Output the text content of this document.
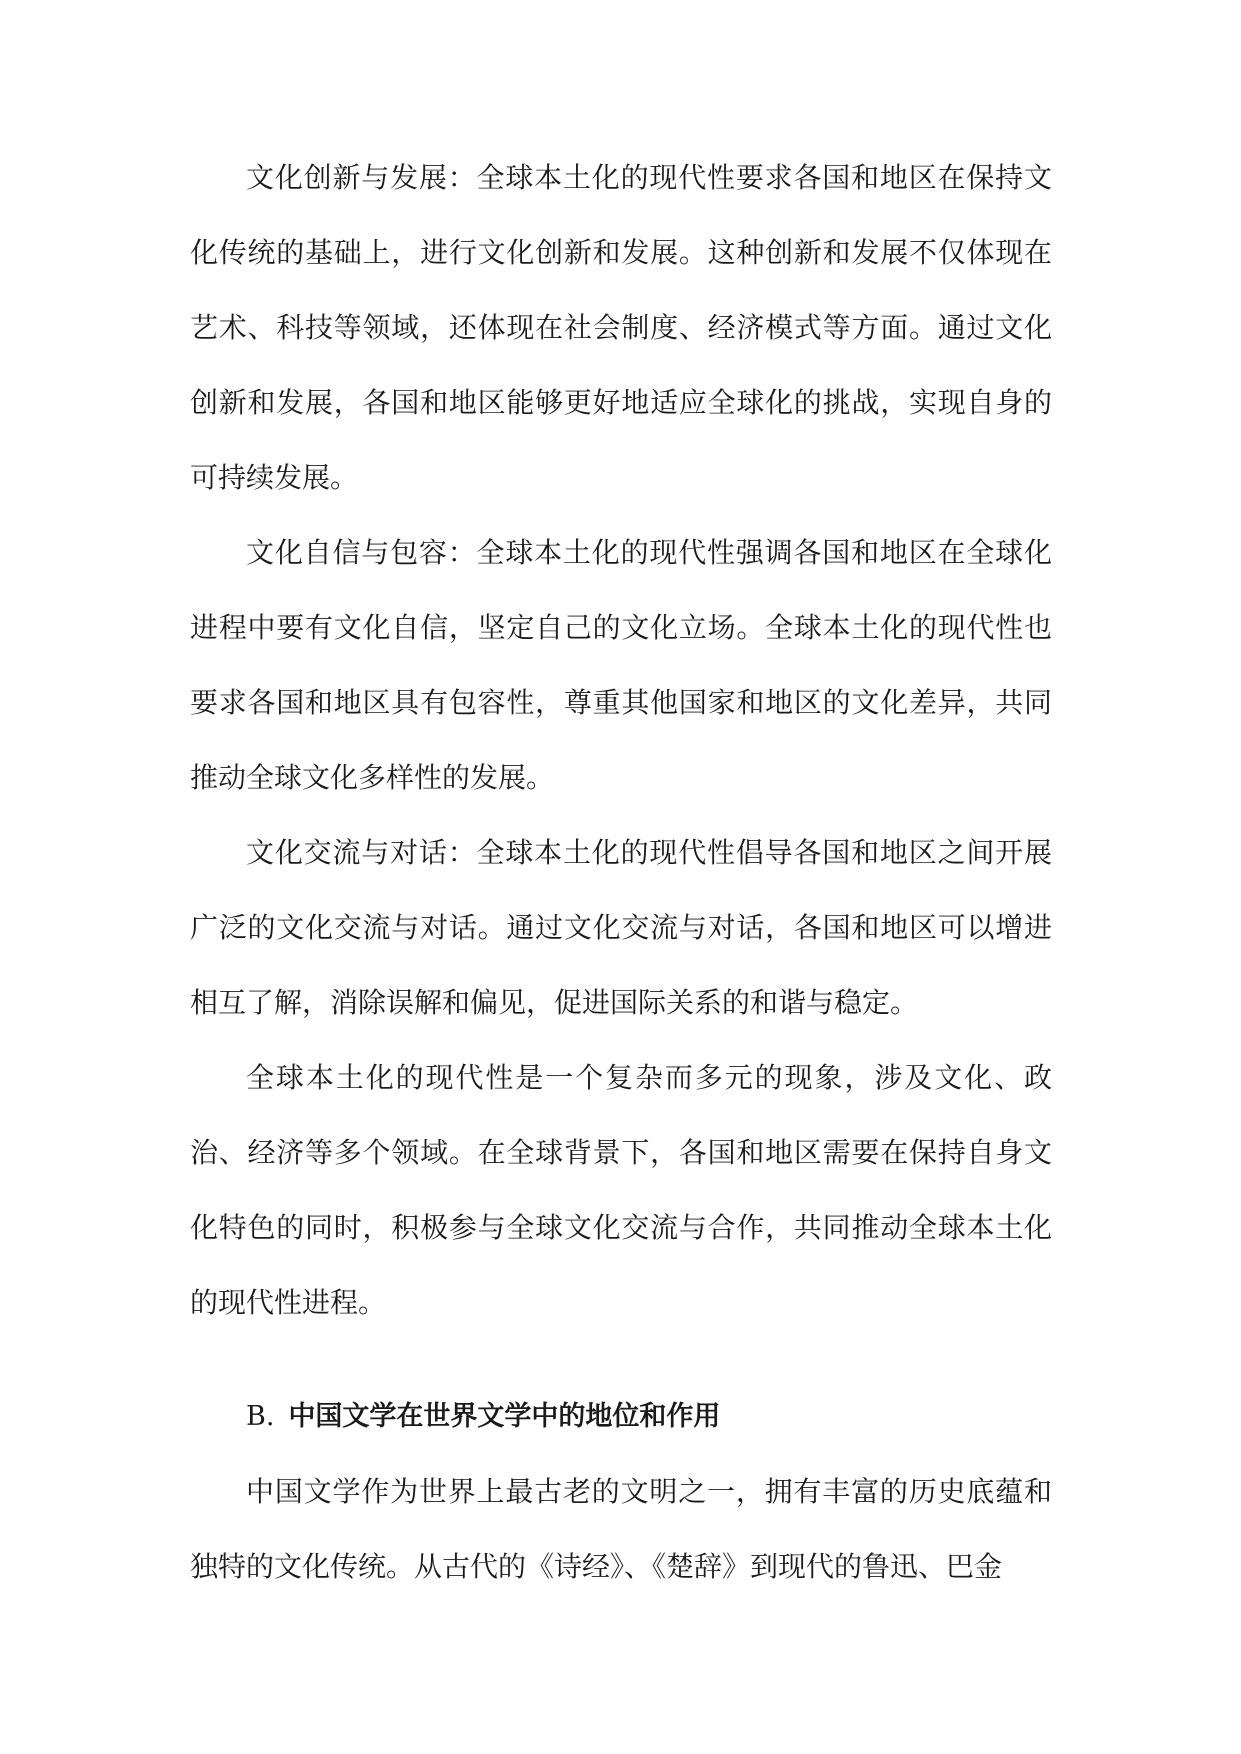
文化创新与发展：全球本土化的现代性要求各国和地区在保持文化传统的基础上，进行文化创新和发展。这种创新和发展不仅体现在艺术、科技等领域，还体现在社会制度、经济模式等方面。通过文化创新和发展，各国和地区能够更好地适应全球化的挑战，实现自身的可持续发展。

文化自信与包容：全球本土化的现代性强调各国和地区在全球化进程中要有文化自信，坚定自己的文化立场。全球本土化的现代性也要求各国和地区具有包容性，尊重其他国家和地区的文化差异，共同推动全球文化多样性的发展。

文化交流与对话：全球本土化的现代性倡导各国和地区之间开展广泛的文化交流与对话。通过文化交流与对话，各国和地区可以增进相互了解，消除误解和偏见，促进国际关系的和谐与稳定。

全球本土化的现代性是一个复杂而多元的现象，涉及文化、政治、经济等多个领域。在全球背景下，各国和地区需要在保持自身文化特色的同时，积极参与全球文化交流与合作，共同推动全球本土化的现代性进程。

B. 中国文学在世界文学中的地位和作用

中国文学作为世界上最古老的文明之一，拥有丰富的历史底蕴和独特的文化传统。从古代的《诗经》、《楚辞》到现代的鲁迅、巴金
